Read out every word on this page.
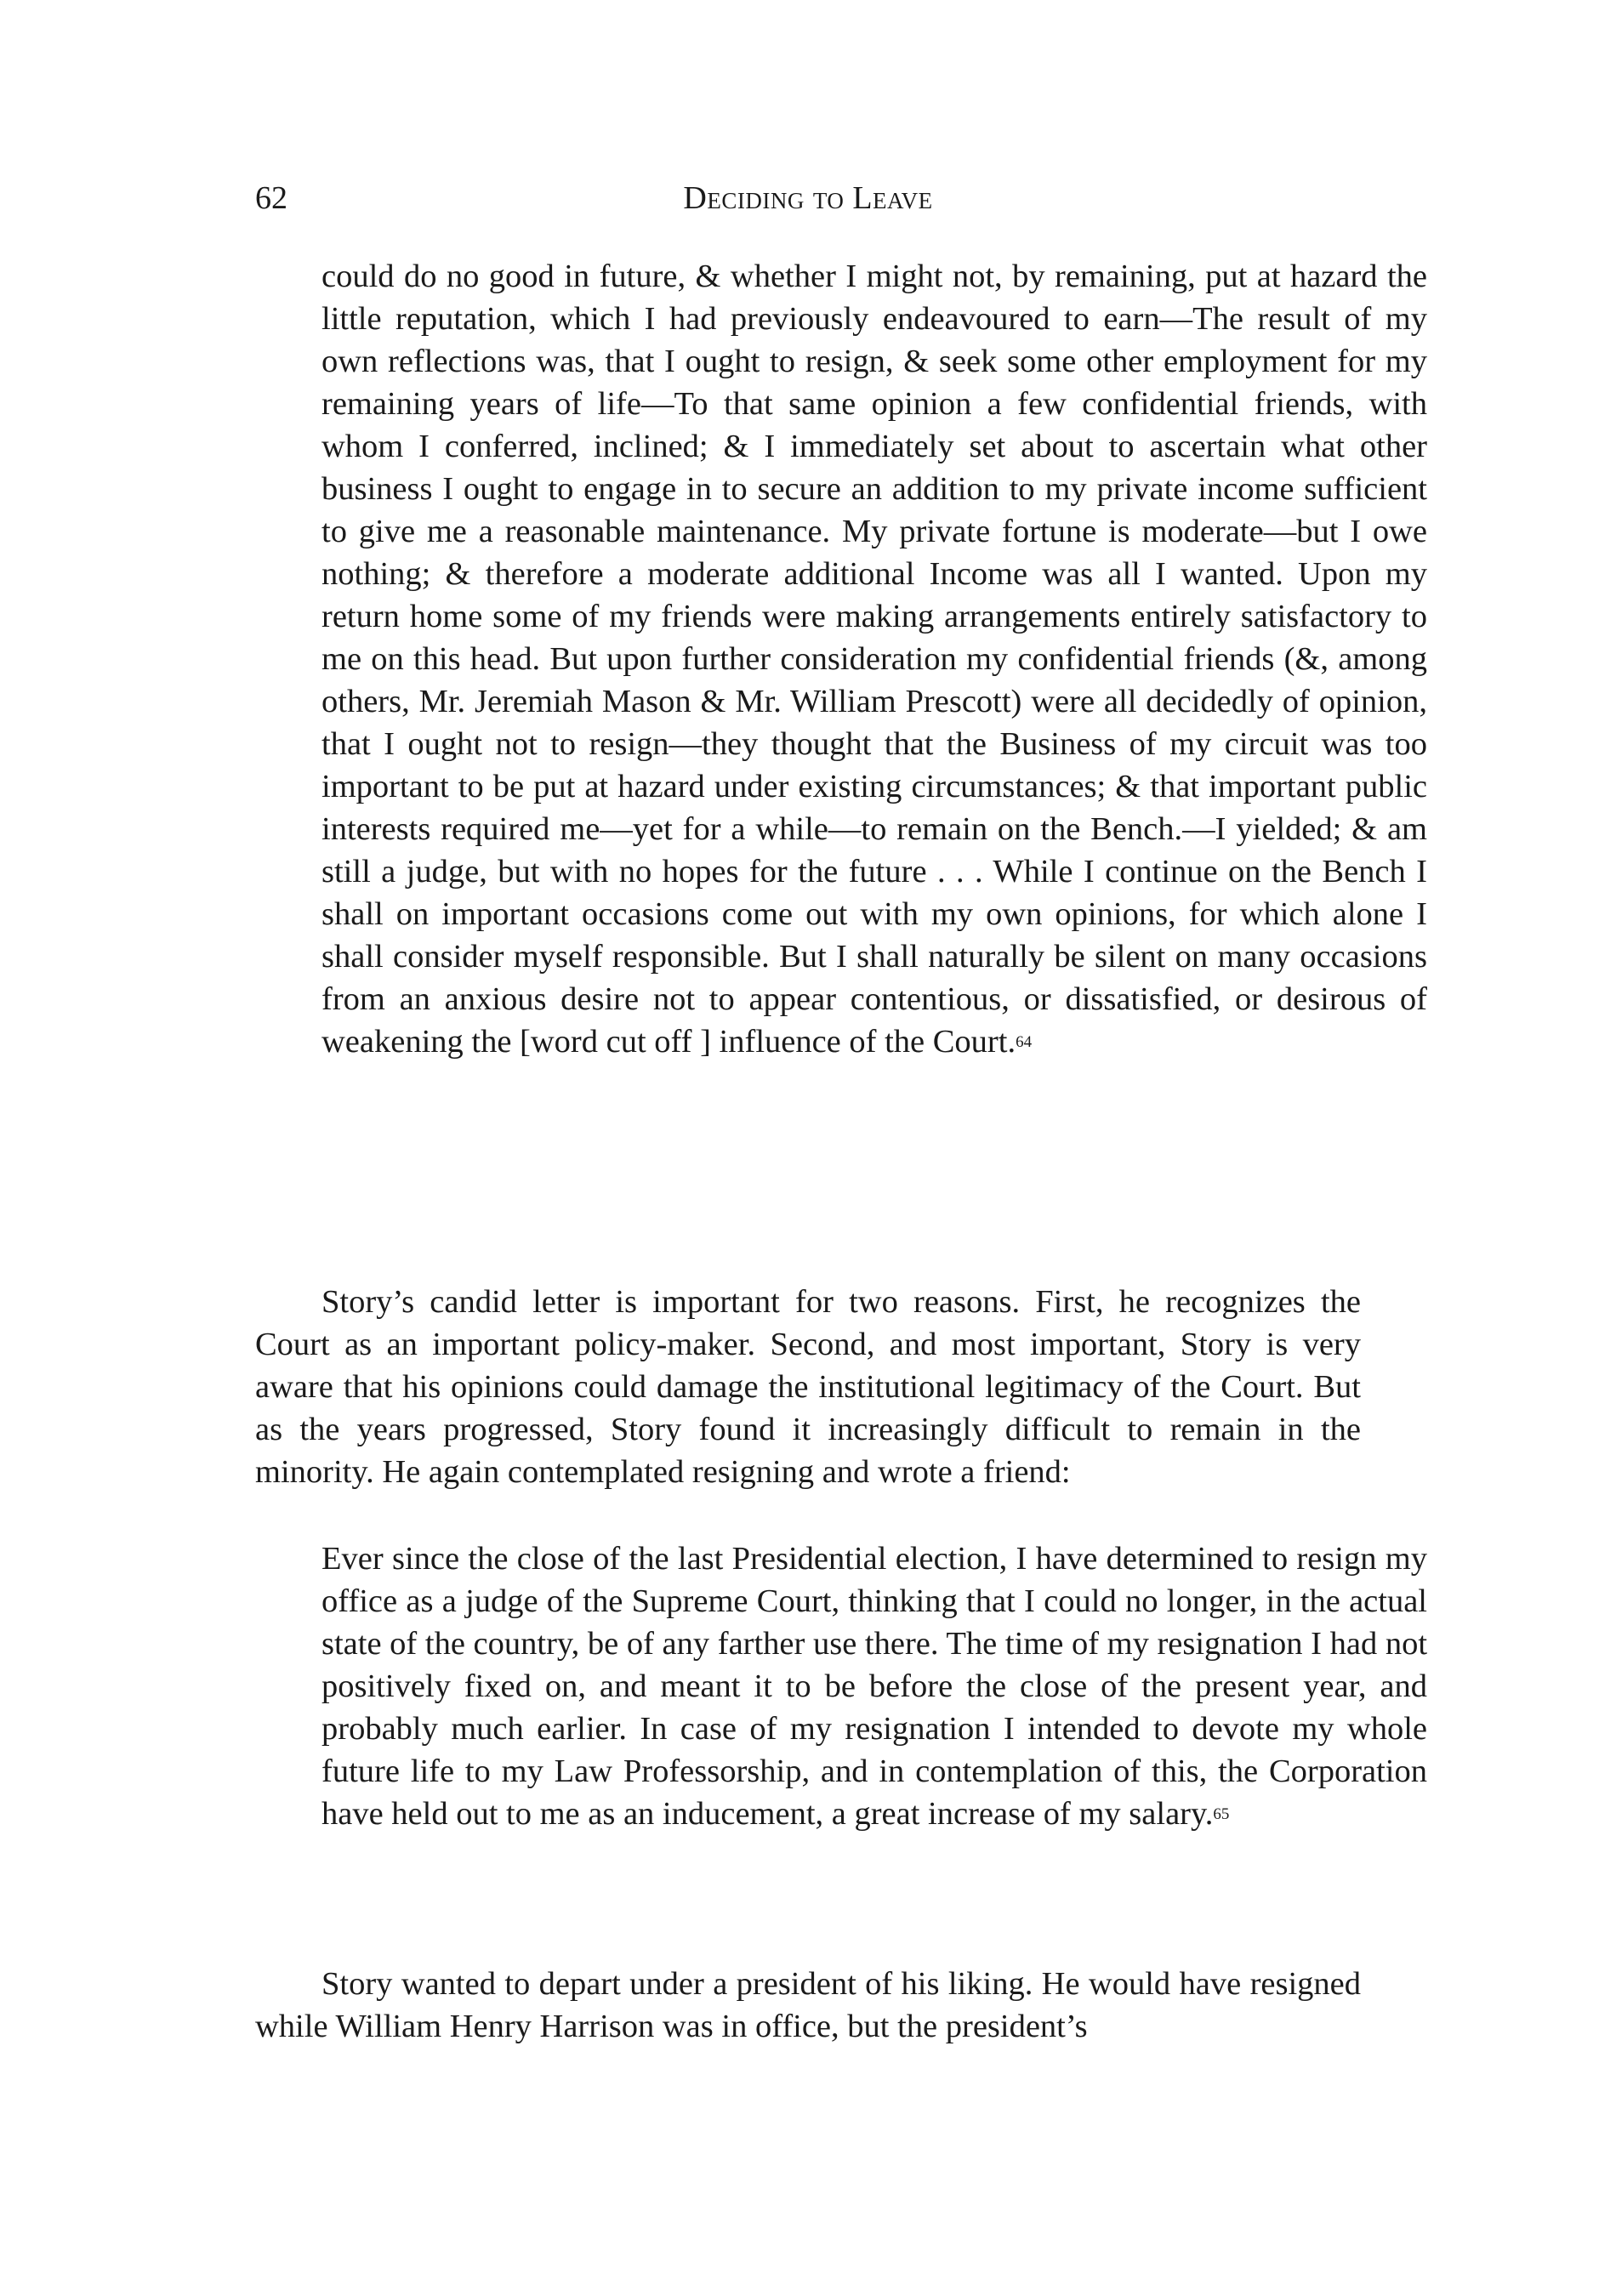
62	Deciding to Leave

could do no good in future, & whether I might not, by remaining, put at hazard the little reputation, which I had previously endeavoured to earn—The result of my own reflections was, that I ought to resign, & seek some other employment for my remaining years of life—To that same opinion a few confidential friends, with whom I conferred, inclined; & I immediately set about to ascertain what other business I ought to engage in to secure an addition to my private income sufficient to give me a reasonable maintenance. My private fortune is moderate—but I owe nothing; & therefore a moderate additional Income was all I wanted. Upon my return home some of my friends were making arrangements entirely satisfactory to me on this head. But upon further consideration my confidential friends (&, among others, Mr. Jeremiah Mason & Mr. William Prescott) were all decidedly of opinion, that I ought not to resign—they thought that the Business of my circuit was too important to be put at hazard under existing circumstances; & that important public interests required me—yet for a while—to remain on the Bench.—I yielded; & am still a judge, but with no hopes for the future . . . While I continue on the Bench I shall on important occasions come out with my own opinions, for which alone I shall consider myself responsible. But I shall naturally be silent on many occasions from an anxious desire not to appear contentious, or dissatisfied, or desirous of weakening the [word cut off ] influence of the Court.$^{64}$

Story’s candid letter is important for two reasons. First, he recognizes the Court as an important policy-maker. Second, and most important, Story is very aware that his opinions could damage the institutional legitimacy of the Court. But as the years progressed, Story found it increasingly difficult to remain in the minority. He again contemplated resigning and wrote a friend:

Ever since the close of the last Presidential election, I have determined to resign my office as a judge of the Supreme Court, thinking that I could no longer, in the actual state of the country, be of any farther use there. The time of my resignation I had not positively fixed on, and meant it to be before the close of the present year, and probably much earlier. In case of my resignation I intended to devote my whole future life to my Law Professorship, and in contemplation of this, the Corporation have held out to me as an inducement, a great increase of my salary.$^{65}$

Story wanted to depart under a president of his liking. He would have resigned while William Henry Harrison was in office, but the president’s
